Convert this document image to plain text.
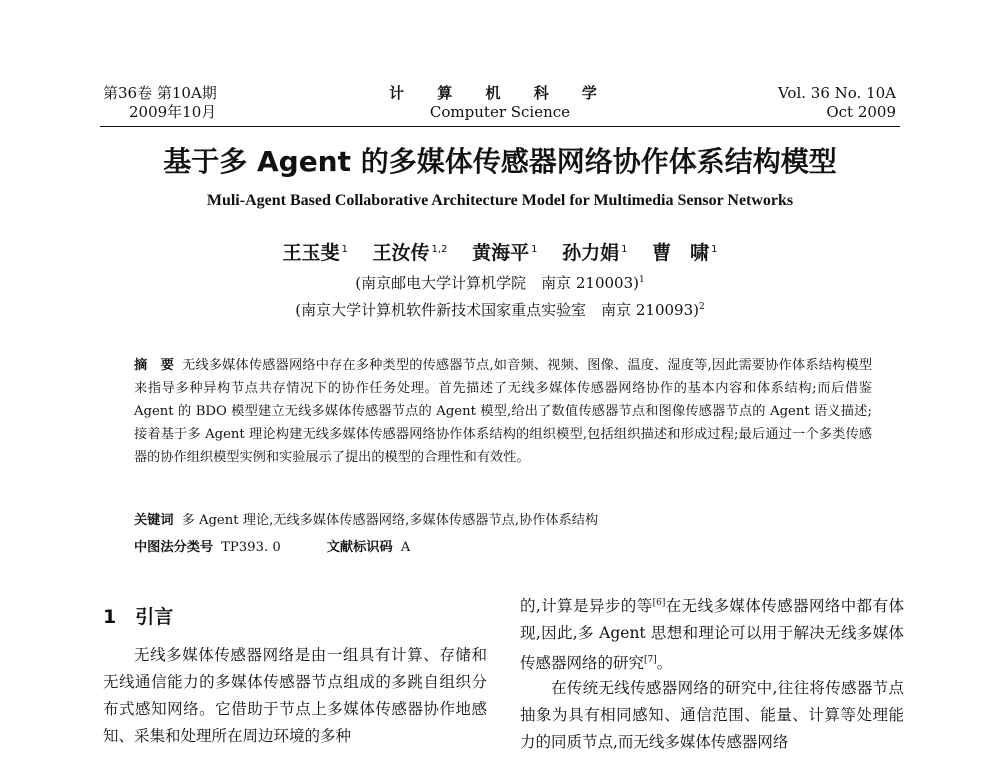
第36卷 第10A期
2009年10月
计 算 机 科 学
Computer Science
Vol. 36 No. 10A
Oct 2009
基于多 Agent 的多媒体传感器网络协作体系结构模型
Muli-Agent Based Collaborative Architecture Model for Multimedia Sensor Networks
王玉斐 $^1$ 王汝传 $^{1,2}$ 黄海平 $^1$ 孙力娟 $^1$ 曹　啸 $^1$
(南京邮电大学计算机学院　南京 210003)$^1$
(南京大学计算机软件新技术国家重点实验室　南京 210093)$^2$
摘　要 无线多媒体传感器网络中存在多种类型的传感器节点,如音频、视频、图像、温度、湿度等,因此需要协作体系结构模型来指导多种异构节点共存情况下的协作任务处理。首先描述了无线多媒体传感器网络协作的基本内容和体系结构;而后借鉴 Agent 的 BDO 模型建立无线多媒体传感器节点的 Agent 模型,给出了数值传感器节点和图像传感器节点的 Agent 语义描述;接着基于多 Agent 理论构建无线多媒体传感器网络协作体系结构的组织模型,包括组织描述和形成过程;最后通过一个多类传感器的协作组织模型实例和实验展示了提出的模型的合理性和有效性。
关键词 多 Agent 理论,无线多媒体传感器网络,多媒体传感器节点,协作体系结构
中图法分类号 TP393. 0	文献标识码 A
1　引言
无线多媒体传感器网络是由一组具有计算、存储和无线通信能力的多媒体传感器节点组成的多跳自组织分布式感知网络。它借助于节点上多媒体传感器协作地感知、采集和处理所在周边环境的多种
的,计算是异步的等[6]在无线多媒体传感器网络中都有体现,因此,多 Agent 思想和理论可以用于解决无线多媒体传感器网络的研究[7]。
在传统无线传感器网络的研究中,往往将传感器节点抽象为具有相同感知、通信范围、能量、计算等处理能力的同质节点,而无线多媒体传感器网络
